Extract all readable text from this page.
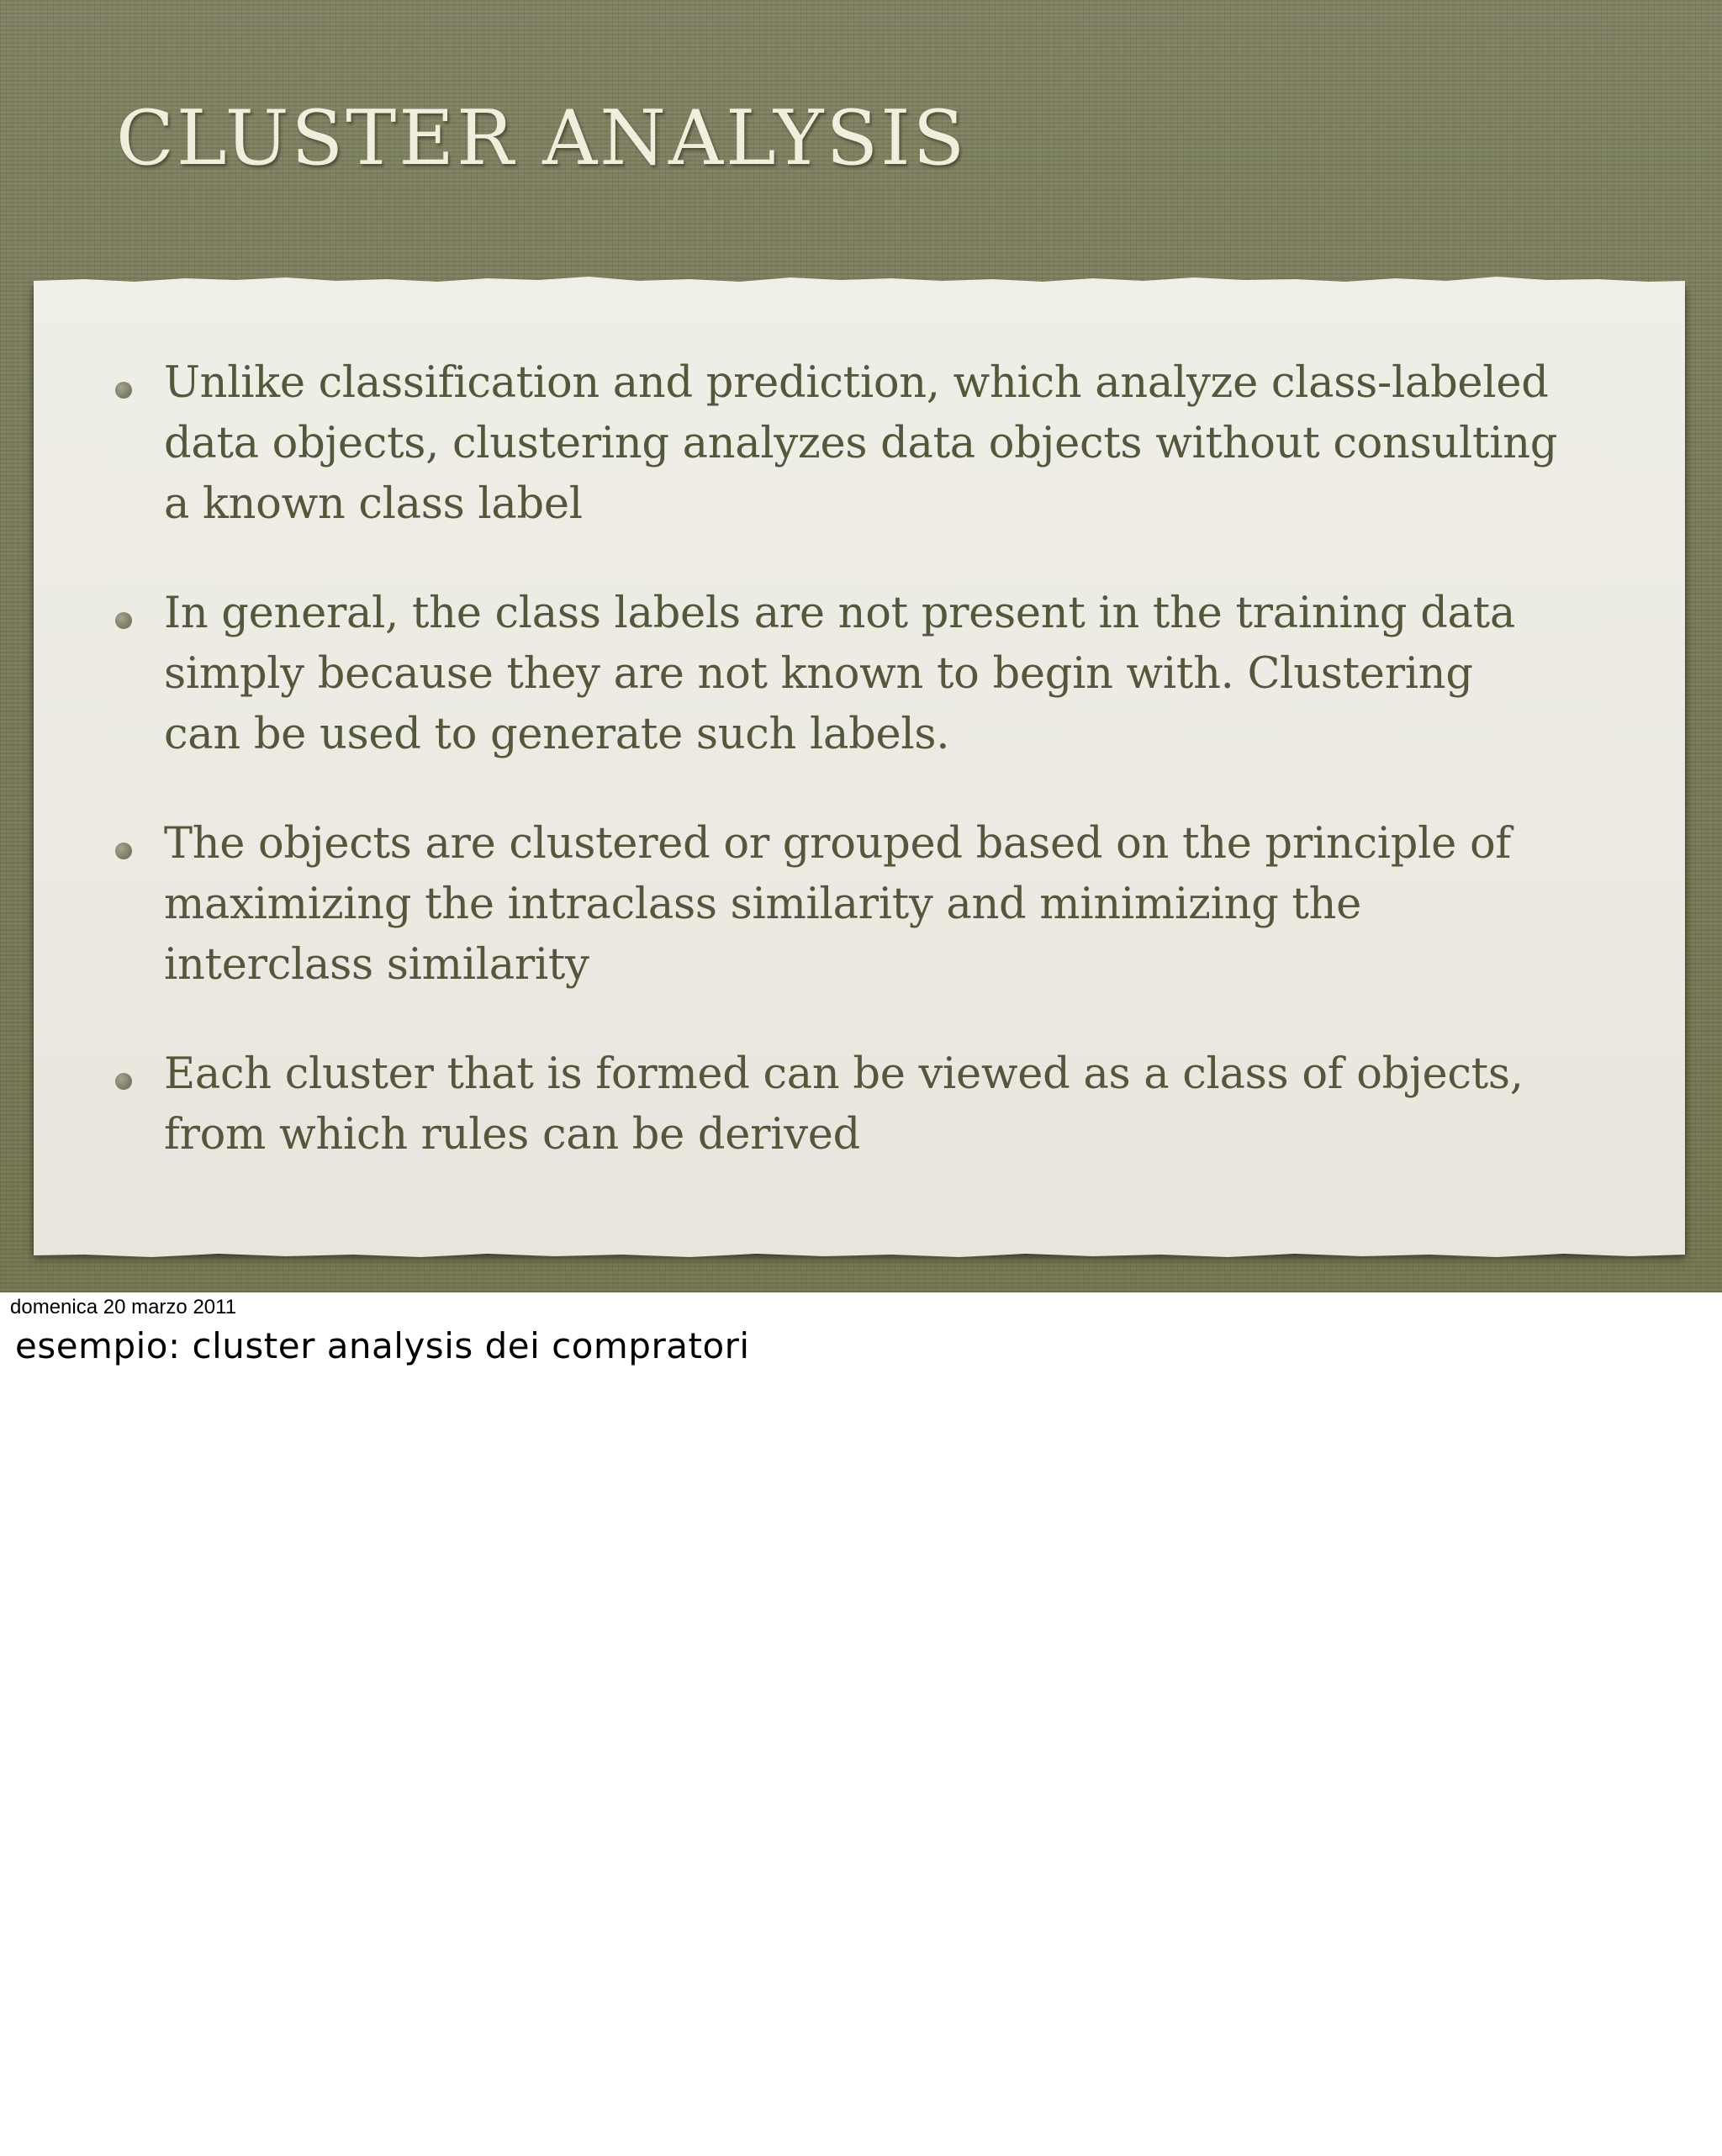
CLUSTER ANALYSIS
Unlike classification and prediction, which analyze class-labeled data objects, clustering analyzes data objects without consulting a known class label
In general, the class labels are not present in the training data simply because they are not known to begin with. Clustering can be used to generate such labels.
The objects are clustered or grouped based on the principle of maximizing the intraclass similarity and minimizing the interclass similarity
Each cluster that is formed can be viewed as a class of objects, from which rules can be derived
domenica 20 marzo 2011
esempio: cluster analysis dei compratori
